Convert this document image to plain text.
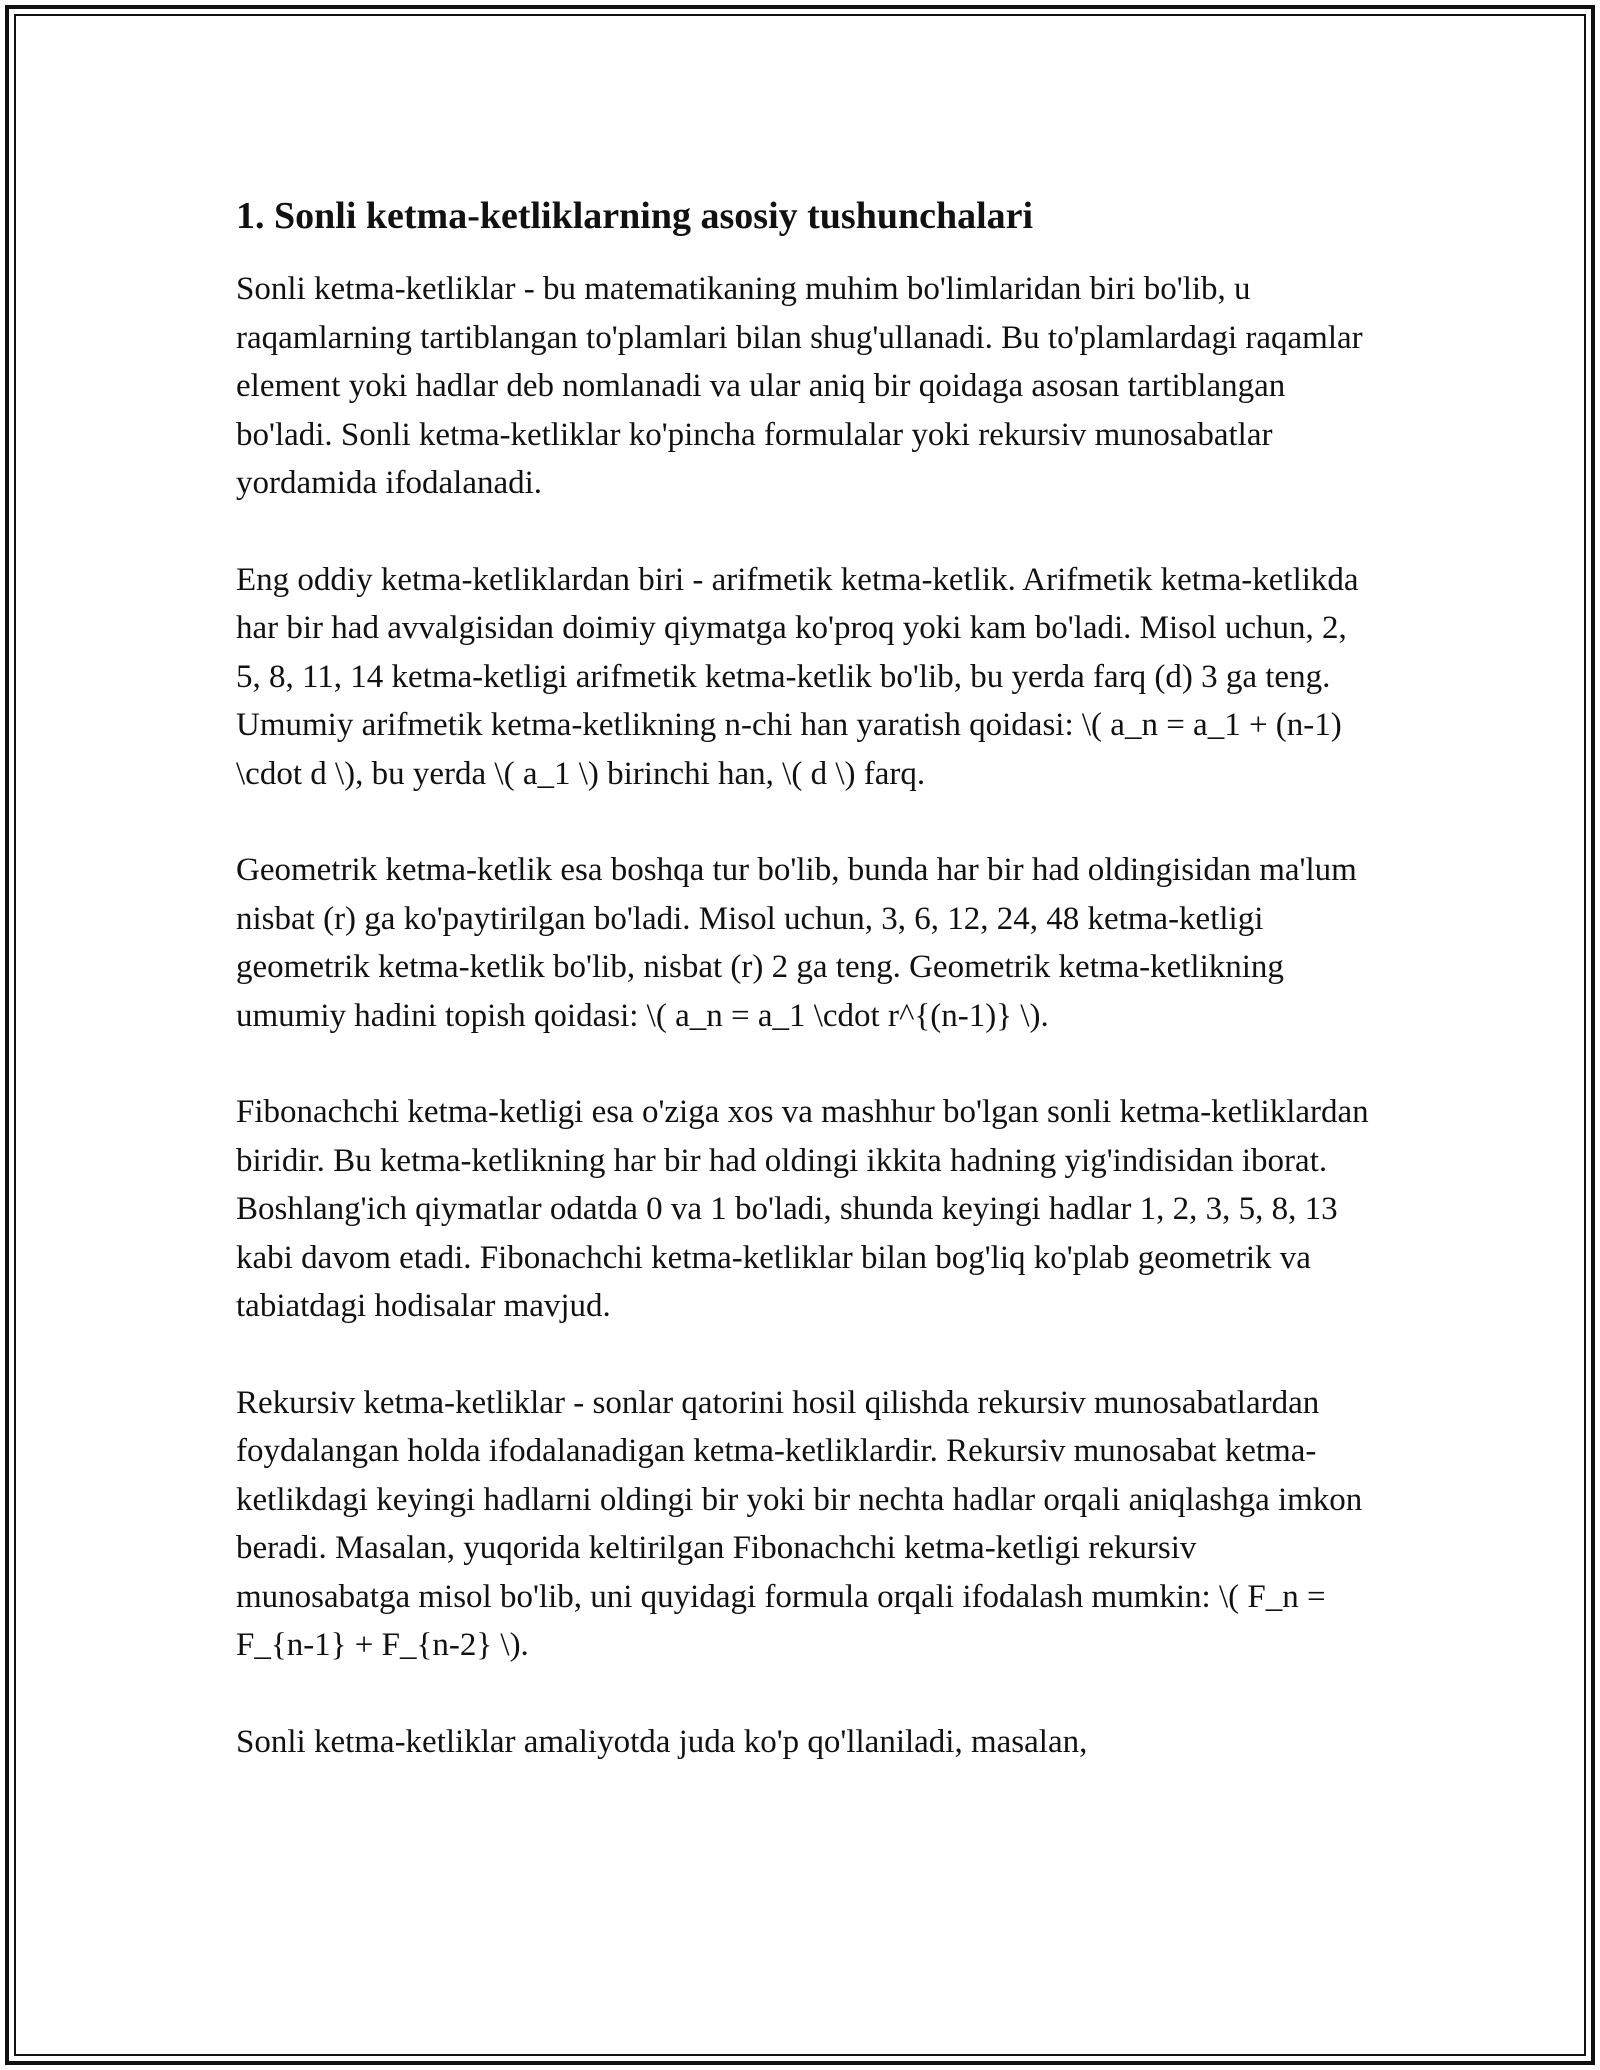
1. Sonli ketma-ketliklarning asosiy tushunchalari

Sonli ketma-ketliklar - bu matematikaning muhim bo'limlaridan biri bo'lib, u raqamlarning tartiblangan to'plamlari bilan shug'ullanadi. Bu to'plamlardagi raqamlar element yoki hadlar deb nomlanadi va ular aniq bir qoidaga asosan tartiblangan bo'ladi. Sonli ketma-ketliklar ko'pincha formulalar yoki rekursiv munosabatlar yordamida ifodalanadi.

Eng oddiy ketma-ketliklardan biri - arifmetik ketma-ketlik. Arifmetik ketma-ketlikda har bir had avvalgisidan doimiy qiymatga ko'proq yoki kam bo'ladi. Misol uchun, 2, 5, 8, 11, 14 ketma-ketligi arifmetik ketma-ketlik bo'lib, bu yerda farq (d) 3 ga teng. Umumiy arifmetik ketma-ketlikning n-chi han yaratish qoidasi: \( a_n = a_1 + (n-1) \cdot d \), bu yerda \( a_1 \) birinchi han, \( d \) farq.

Geometrik ketma-ketlik esa boshqa tur bo'lib, bunda har bir had oldingisidan ma'lum nisbat (r) ga ko'paytirilgan bo'ladi. Misol uchun, 3, 6, 12, 24, 48 ketma-ketligi geometrik ketma-ketlik bo'lib, nisbat (r) 2 ga teng. Geometrik ketma-ketlikning umumiy hadini topish qoidasi: \( a_n = a_1 \cdot r^{(n-1)} \).

Fibonachchi ketma-ketligi esa o'ziga xos va mashhur bo'lgan sonli ketma-ketliklardan biridir. Bu ketma-ketlikning har bir had oldingi ikkita hadning yig'indisidan iborat. Boshlang'ich qiymatlar odatda 0 va 1 bo'ladi, shunda keyingi hadlar 1, 2, 3, 5, 8, 13 kabi davom etadi. Fibonachchi ketma-ketliklar bilan bog'liq ko'plab geometrik va tabiatdagi hodisalar mavjud.

Rekursiv ketma-ketliklar - sonlar qatorini hosil qilishda rekursiv munosabatlardan foydalangan holda ifodalanadigan ketma-ketliklardir. Rekursiv munosabat ketma-ketlikdagi keyingi hadlarni oldingi bir yoki bir nechta hadlar orqali aniqlashga imkon beradi. Masalan, yuqorida keltirilgan Fibonachchi ketma-ketligi rekursiv munosabatga misol bo'lib, uni quyidagi formula orqali ifodalash mumkin: \( F_n = F_{n-1} + F_{n-2} \).

Sonli ketma-ketliklar amaliyotda juda ko'p qo'llaniladi, masalan,
